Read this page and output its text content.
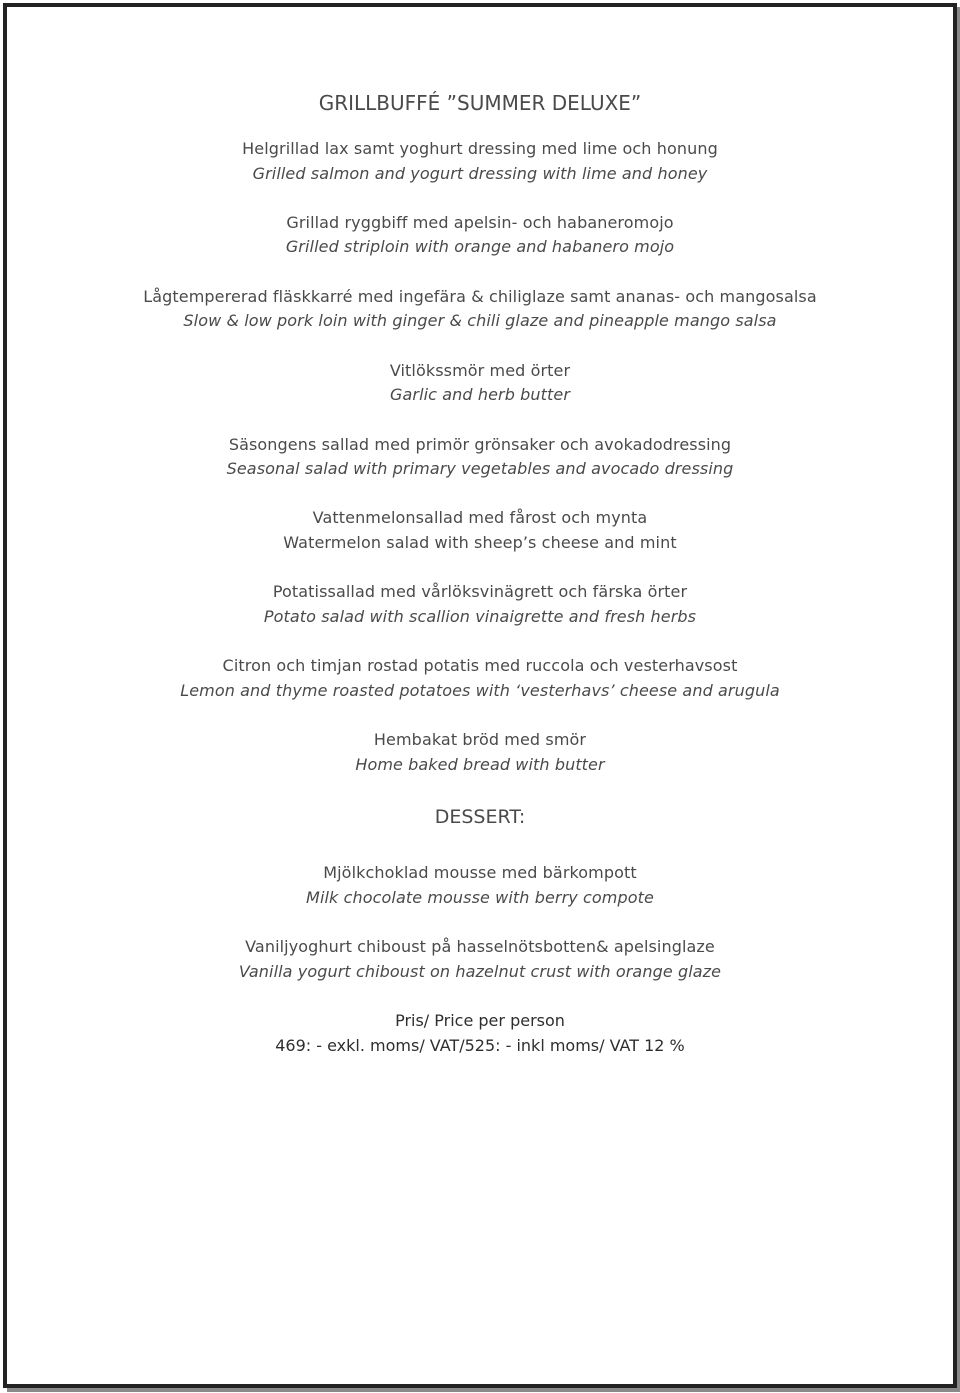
GRILLBUFFÉ ”SUMMER DELUXE”
Helgrillad lax samt yoghurt dressing med lime och honung
Grilled salmon and yogurt dressing with lime and honey
Grillad ryggbiff med apelsin- och habaneromojo
Grilled striploin with orange and habanero mojo
Lågtempererad fläskkarré med ingefära & chiliglaze samt ananas- och mangosalsa
Slow & low pork loin with ginger & chili glaze and pineapple mango salsa
Vitlökssmör med örter
Garlic and herb butter
Säsongens sallad med primör grönsaker och avokadodressing
Seasonal salad with primary vegetables and avocado dressing
Vattenmelonsallad med fårost och mynta
Watermelon salad with sheep’s cheese and mint
Potatissallad med vårlöksvinägrett och färska örter
Potato salad with scallion vinaigrette and fresh herbs
Citron och timjan rostad potatis med ruccola och vesterhavsost
Lemon and thyme roasted potatoes with ‘vesterhavs’ cheese and arugula
Hembakat bröd med smör
Home baked bread with butter
DESSERT:
Mjölkchoklad mousse med bärkompott
Milk chocolate mousse with berry compote
Vaniljyoghurt chiboust på hasselnötsbotten& apelsinglaze
Vanilla yogurt chiboust on hazelnut crust with orange glaze
Pris/ Price per person
469: - exkl. moms/ VAT/525: - inkl moms/ VAT 12 %
